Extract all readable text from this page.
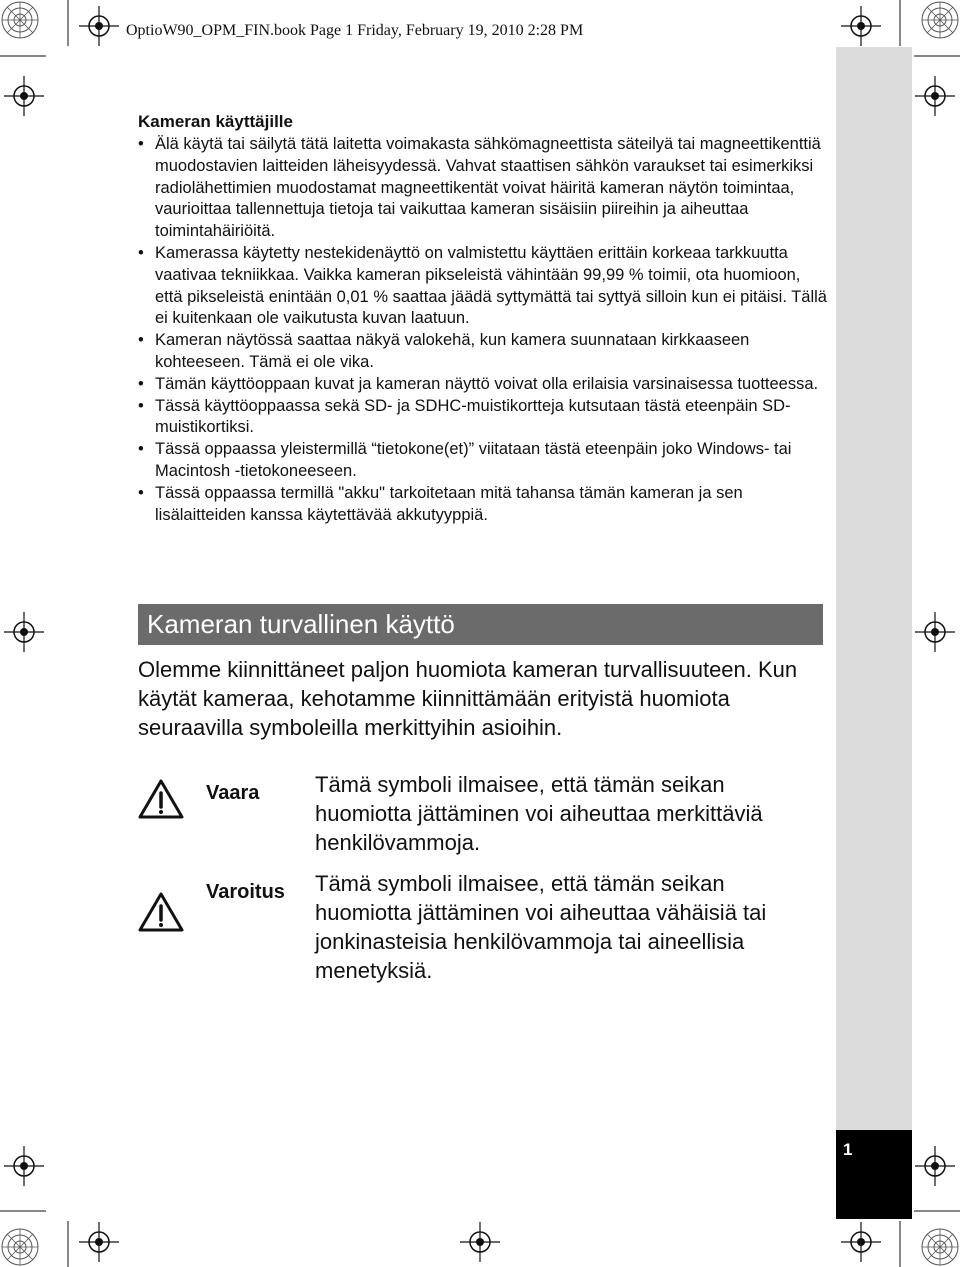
1
OptioW90_OPM_FIN.book Page 1 Friday, February 19, 2010 2:28 PM
Kameran käyttäjille
• Älä käytä tai säilytä tätä laitetta voimakasta sähkömagneettista säteilyä tai magneettikenttiä muodostavien laitteiden läheisyydessä. Vahvat staattisen sähkön varaukset tai esimerkiksi radiolähettimien muodostamat magneettikentät voivat häiritä kameran näytön toimintaa, vaurioittaa tallennettuja tietoja tai vaikuttaa kameran sisäisiin piireihin ja aiheuttaa toimintahäiriöitä.
• Kamerassa käytetty nestekidenäyttö on valmistettu käyttäen erittäin korkeaa tarkkuutta vaativaa tekniikkaa. Vaikka kameran pikseleistä vähintään 99,99 % toimii, ota huomioon, että pikseleistä enintään 0,01 % saattaa jäädä syttymättä tai syttyä silloin kun ei pitäisi. Tällä ei kuitenkaan ole vaikutusta kuvan laatuun.
• Kameran näytössä saattaa näkyä valokehä, kun kamera suunnataan kirkkaaseen kohteeseen. Tämä ei ole vika.
• Tämän käyttöoppaan kuvat ja kameran näyttö voivat olla erilaisia varsinaisessa tuotteessa.
• Tässä käyttöoppaassa sekä SD- ja SDHC-muistikortteja kutsutaan tästä eteenpäin SD-muistikortiksi.
• Tässä oppaassa yleistermillä “tietokone(et)” viitataan tästä eteenpäin joko Windows- tai Macintosh -tietokoneeseen.
• Tässä oppaassa termillä "akku" tarkoitetaan mitä tahansa tämän kameran ja sen lisälaitteiden kanssa käytettävää akkutyyppiä.
Kameran turvallinen käyttö

Olemme kiinnittäneet paljon huomiota kameran turvallisuuteen. Kun käytät kameraa, kehotamme kiinnittämään erityistä huomiota seuraavilla symboleilla merkittyihin asioihin.

Vaara	Tämä symboli ilmaisee, että tämän seikan huomiotta jättäminen voi aiheuttaa merkittäviä henkilövammoja.
Varoitus Tämä symboli ilmaisee, että tämän seikan huomiotta jättäminen voi aiheuttaa vähäisiä tai jonkinasteisia henkilövammoja tai aineellisia menetyksiä.
